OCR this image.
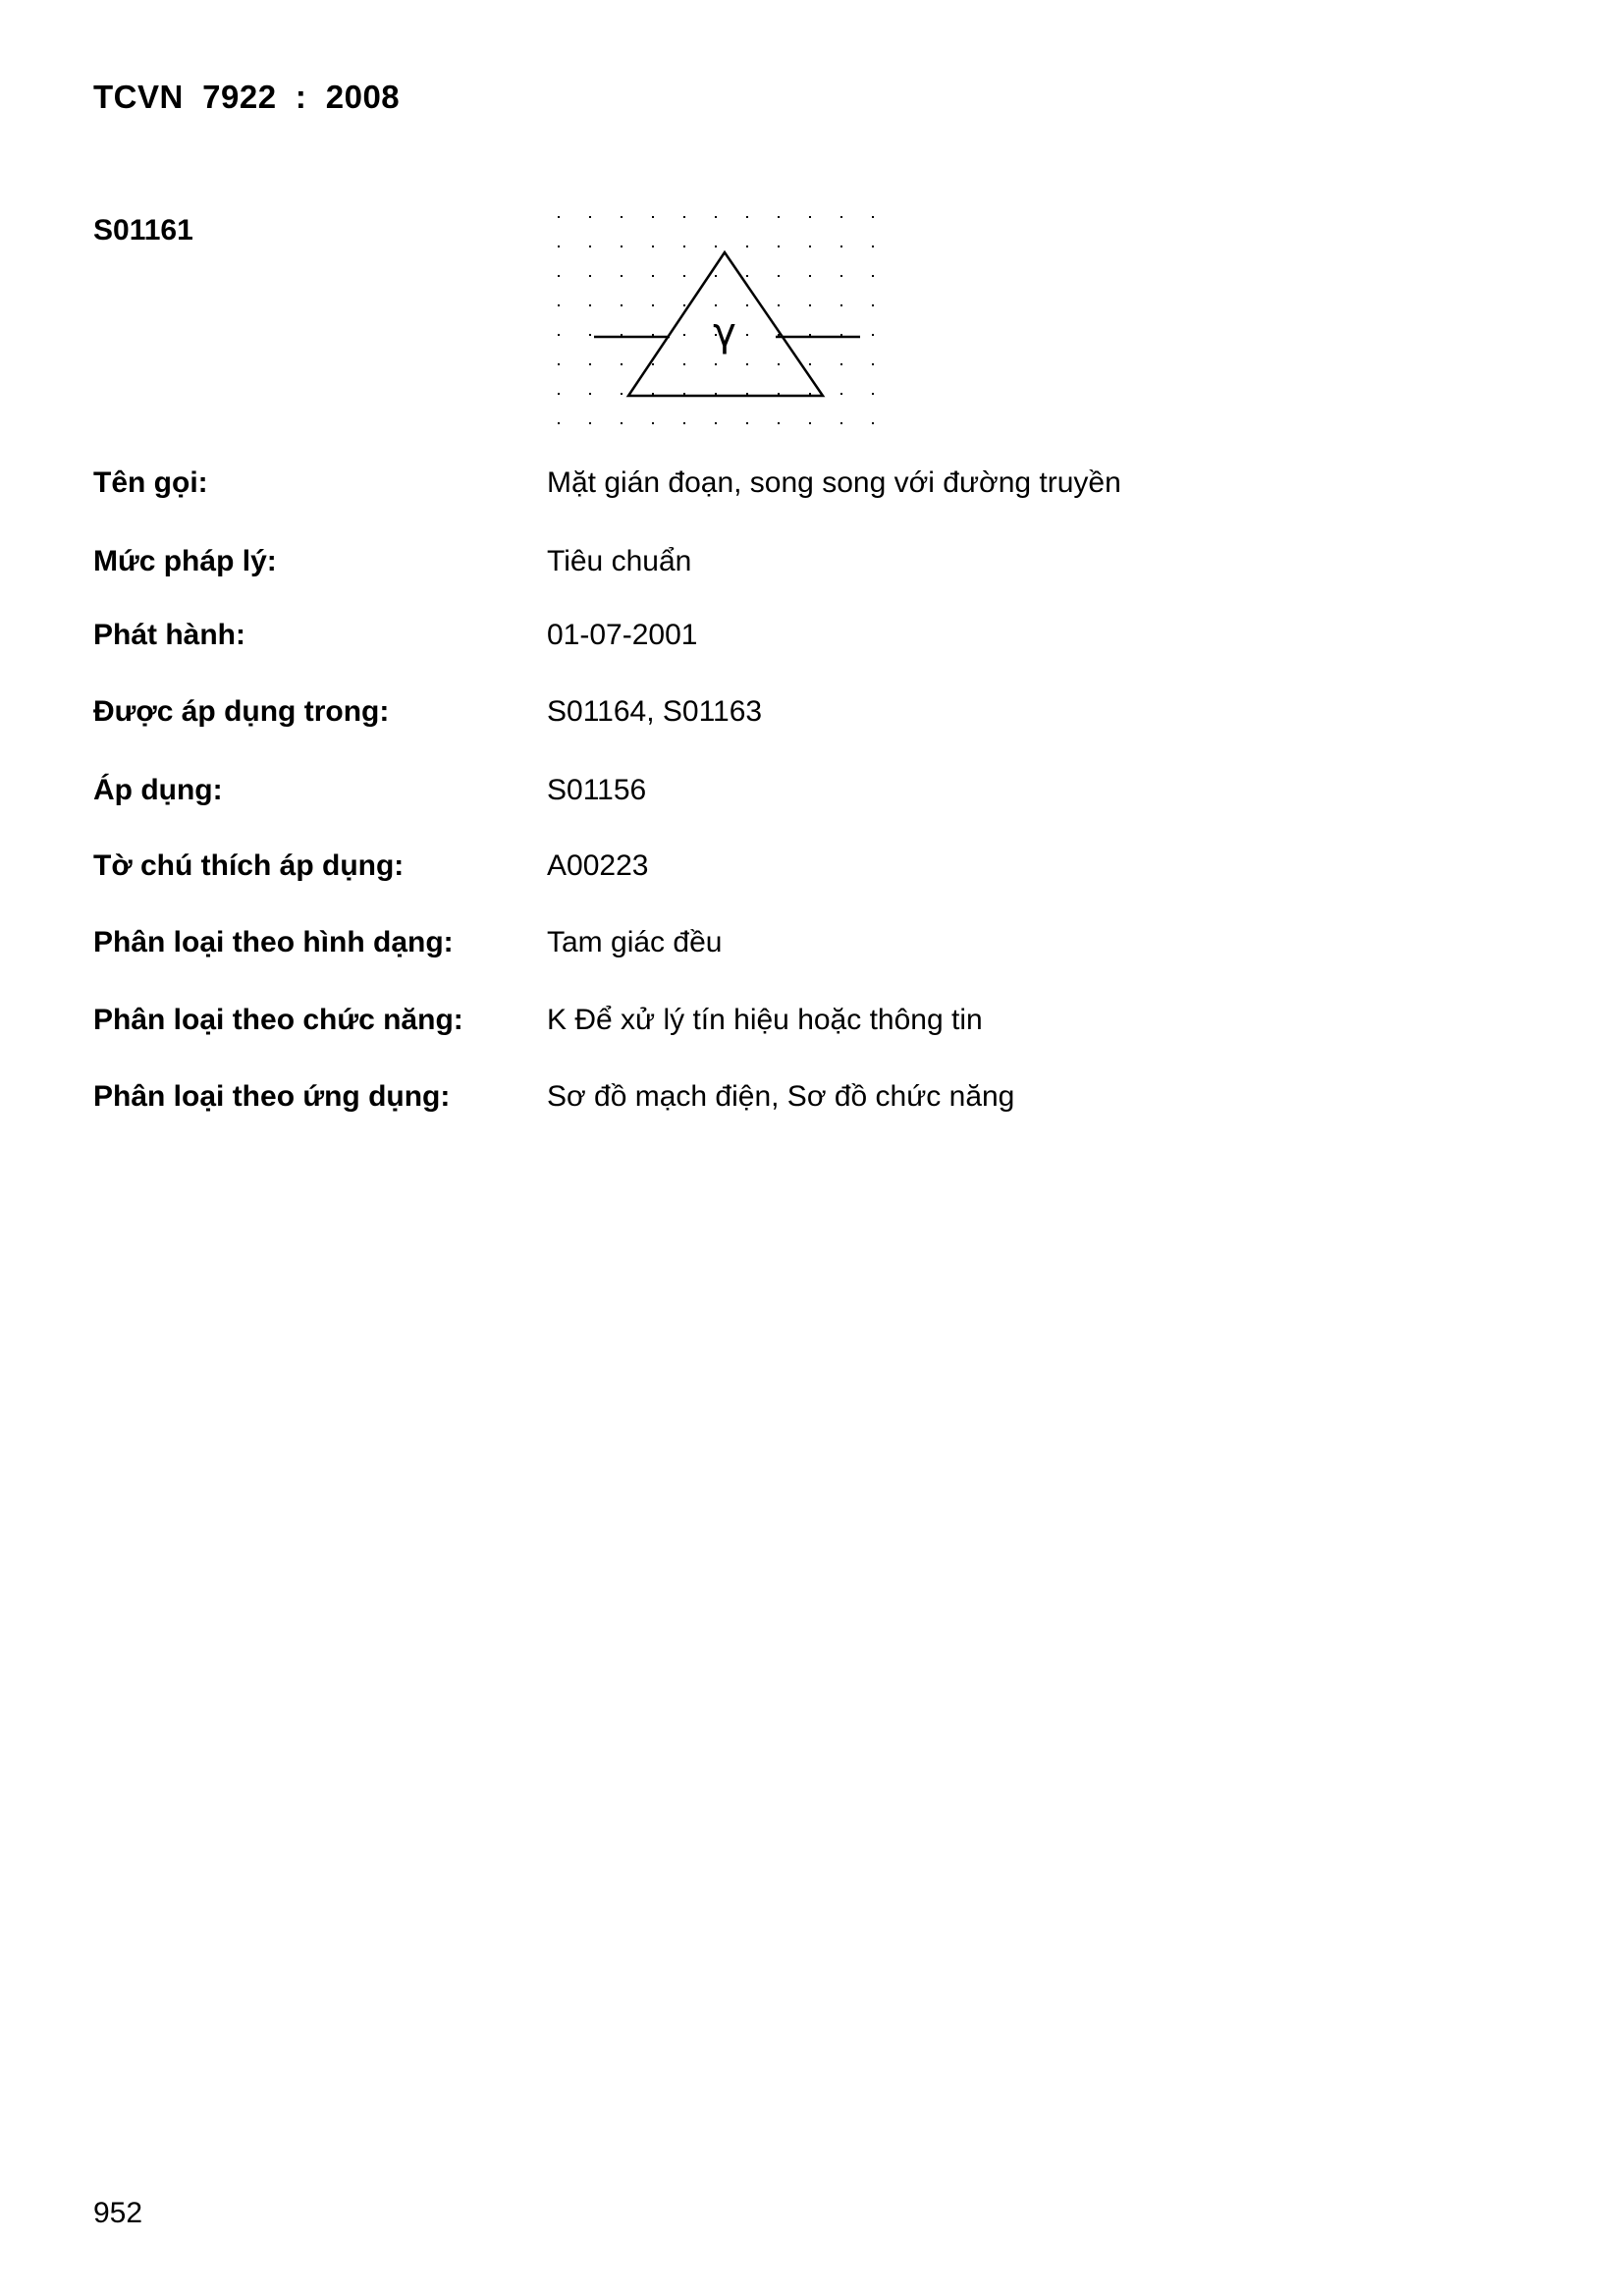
TCVN  7922  :  2008
S01161
γ
Tên gọi:	Mặt gián đoạn, song song với đường truyền
Mức pháp lý:	Tiêu chuẩn
Phát hành:	01-07-2001
Được áp dụng trong:	S01164, S01163
Áp dụng:	S01156
Tờ chú thích áp dụng:	A00223
Phân loại theo hình dạng:	Tam giác đều
Phân loại theo chức năng:	K Để xử lý tín hiệu hoặc thông tin
Phân loại theo ứng dụng:	Sơ đồ mạch điện, Sơ đồ chức năng
952
